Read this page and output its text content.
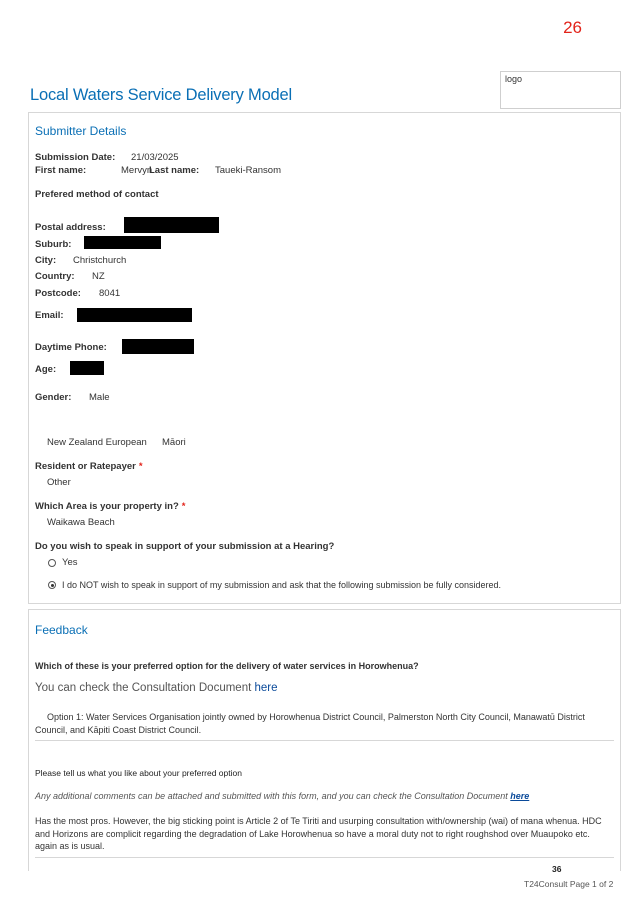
26
Local Waters Service Delivery Model
logo
Submitter Details
Submission Date: 21/03/2025
First name:	Mervyn
Last name: Taueki-Ransom
Prefered method of contact
Postal address:
Suburb:
City: Christchurch
Country: NZ
Postcode: 8041
Email:
Daytime Phone:
Age:
Gender: Male
New Zealand European Māori
Resident or Ratepayer *
Other
Which Area is your property in? *
Waikawa Beach
Do you wish to speak in support of your submission at a Hearing?
Yes
I do NOT wish to speak in support of my submission and ask that the following submission be fully considered.
Feedback
Which of these is your preferred option for the delivery of water services in Horowhenua?
You can check the Consultation Document here
Option 1: Water Services Organisation jointly owned by Horowhenua District Council, Palmerston North City Council, Manawatū District Council, and Kāpiti Coast District Council.
Please tell us what you like about your preferred option
Any additional comments can be attached and submitted with this form, and you can check the Consultation Document here
Has the most pros. However, the big sticking point is Article 2 of Te Tiriti and usurping consultation with/ownership (wai) of mana whenua. HDC and Horizons are complicit regarding the degradation of Lake Horowhenua so have a moral duty not to right roughshod over Muaupoko etc. again as is usual.
36
T24Consult Page 1 of 2
